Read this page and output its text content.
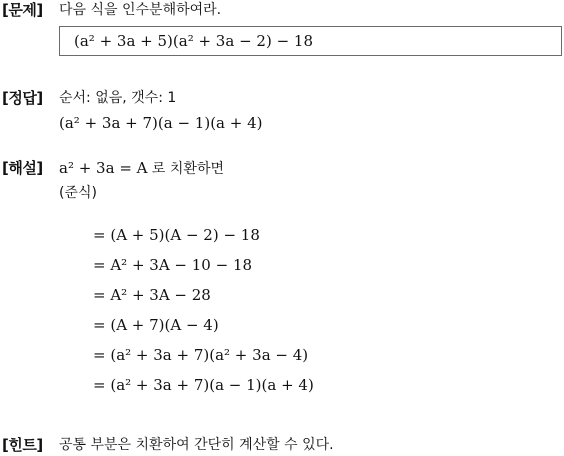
[문제] 다음 식을 인수분해하여라.
(a² + 3a + 5)(a² + 3a − 2) − 18
[정답] 순서: 없음, 갯수: 1
(a² + 3a + 7)(a − 1)(a + 4)
[해설] a² + 3a = A 로 치환하면
(준식)
= (A + 5)(A − 2) − 18
= A² + 3A − 10 − 18
= A² + 3A − 28
= (A + 7)(A − 4)
= (a² + 3a + 7)(a² + 3a − 4)
= (a² + 3a + 7)(a − 1)(a + 4)
[힌트] 공통 부분은 치환하여 간단히 계산할 수 있다.
